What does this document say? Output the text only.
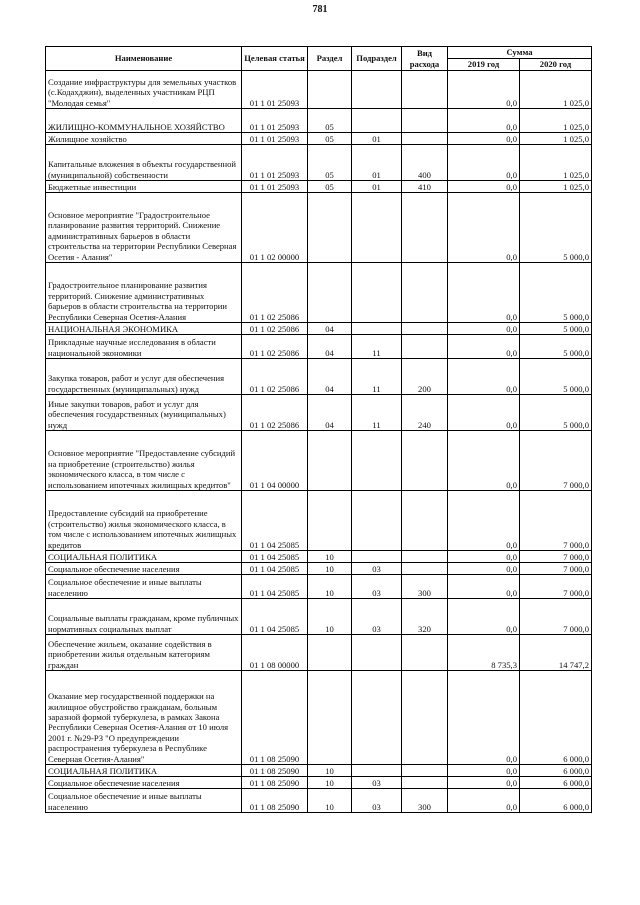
781
Наименование	Целевая статья	Раздел	Подраздел	Вид расхода	Сумма	
					2019 год	2020 год
Создание инфраструктуры для земельных участков (с.Кодахджин), выделенных участникам РЦП "Молодая семья"	01 1 01 25093				0,0	1 025,0
ЖИЛИЩНО-КОММУНАЛЬНОЕ ХОЗЯЙСТВО	01 1 01 25093	05			0,0	1 025,0
Жилищное хозяйство	01 1 01 25093	05	01		0,0	1 025,0
Капитальные вложения в объекты государственной (муниципальной) собственности	01 1 01 25093	05	01	400	0,0	1 025,0
Бюджетные инвестиции	01 1 01 25093	05	01	410	0,0	1 025,0
Основное мероприятие "Градостроительное планирование развития территорий. Снижение административных барьеров в области строительства на территории Республики Северная Осетия - Алания"	01 1 02 00000				0,0	5 000,0
Градостроительное планирование развития территорий. Снижение административных барьеров в области строительства на территории Республики Северная Осетия-Алания	01 1 02 25086				0,0	5 000,0
НАЦИОНАЛЬНАЯ ЭКОНОМИКА	01 1 02 25086	04			0,0	5 000,0
Прикладные научные исследования в области национальной экономики	01 1 02 25086	04	11		0,0	5 000,0
Закупка товаров, работ и услуг для обеспечения государственных (муниципальных) нужд	01 1 02 25086	04	11	200	0,0	5 000,0
Иные закупки товаров, работ и услуг для обеспечения государственных (муниципальных) нужд	01 1 02 25086	04	11	240	0,0	5 000,0
Основное мероприятие "Предоставление субсидий на приобретение (строительство) жилья экономического класса, в том числе с использованием ипотечных жилищных кредитов"	01 1 04 00000				0,0	7 000,0
Предоставление субсидий на приобретение (строительство) жилья экономического класса, в том числе с использованием ипотечных жилищных кредитов	01 1 04 25085				0,0	7 000,0
СОЦИАЛЬНАЯ ПОЛИТИКА	01 1 04 25085	10			0,0	7 000,0
Социальное обеспечение населения	01 1 04 25085	10	03		0,0	7 000,0
Социальное обеспечение и иные выплаты населению	01 1 04 25085	10	03	300	0,0	7 000,0
Социальные выплаты гражданам, кроме публичных нормативных социальных выплат	01 1 04 25085	10	03	320	0,0	7 000,0
Обеспечение жильем, оказание содействия в приобретении жилья отдельным категориям граждан	01 1 08 00000				8 735,3	14 747,2
Оказание мер государственной поддержки на жилищное обустройство гражданам, больным заразной формой туберкулеза, в рамках Закона Республики Северная Осетия-Алания от 10 июля 2001 г. №29-РЗ "О предупреждении распространения туберкулеза в Республике Северная Осетия-Алания"	01 1 08 25090				0,0	6 000,0
СОЦИАЛЬНАЯ ПОЛИТИКА	01 1 08 25090	10			0,0	6 000,0
Социальное обеспечение населения	01 1 08 25090	10	03		0,0	6 000,0
Социальное обеспечение и иные выплаты населению	01 1 08 25090	10	03	300	0,0	6 000,0
